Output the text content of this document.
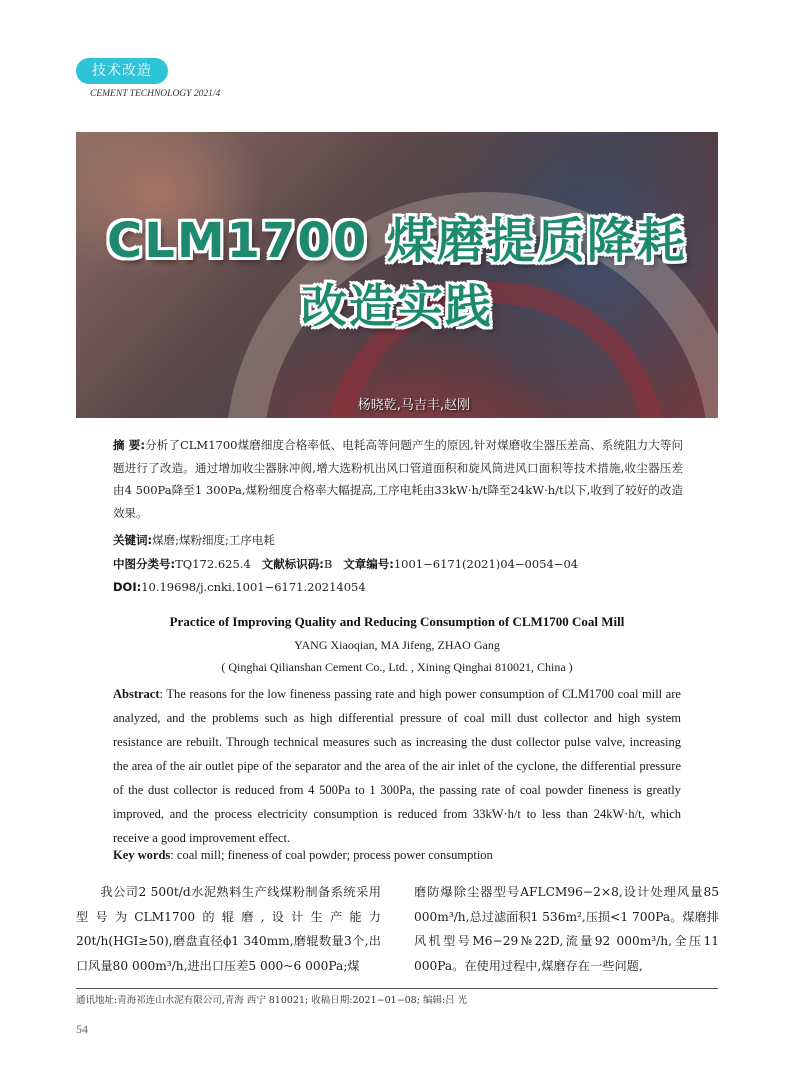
技术改造
CEMENT TECHNOLOGY 2021/4
CLM1700 煤磨提质降耗
改造实践
杨晓乾,马吉丰,赵刚
摘 要:分析了CLM1700煤磨细度合格率低、电耗高等问题产生的原因,针对煤磨收尘器压差高、系统阻力大等问题进行了改造。通过增加收尘器脉冲阀,增大选粉机出风口管道面积和旋风筒进风口面积等技术措施,收尘器压差由4 500Pa降至1 300Pa,煤粉细度合格率大幅提高,工序电耗由33kW·h/t降至24kW·h/t以下,收到了较好的改造效果。
关键词:煤磨;煤粉细度;工序电耗
中图分类号:TQ172.625.4 文献标识码:B 文章编号:1001−6171(2021)04−0054−04
DOI:10.19698/j.cnki.1001−6171.20214054
Practice of Improving Quality and Reducing Consumption of CLM1700 Coal Mill
YANG Xiaoqian, MA Jifeng, ZHAO Gang
( Qinghai Qilianshan Cement Co., Ltd. , Xining Qinghai 810021, China )
Abstract: The reasons for the low fineness passing rate and high power consumption of CLM1700 coal mill are analyzed, and the problems such as high differential pressure of coal mill dust collector and high system resistance are rebuilt. Through technical measures such as increasing the dust collector pulse valve, increasing the area of the air outlet pipe of the separator and the area of the air inlet of the cyclone, the differential pressure of the dust collector is reduced from 4 500Pa to 1 300Pa, the passing rate of coal powder fineness is greatly improved, and the process electricity consumption is reduced from 33kW·h/t to less than 24kW·h/t, which receive a good improvement effect.
Key words: coal mill; fineness of coal powder; process power consumption
我公司2 500t/d水泥熟料生产线煤粉制备系统采用型号为CLM1700的辊磨,设计生产能力20t/h(HGI≥50),磨盘直径ϕ1 340mm,磨辊数量3个,出口风量80 000m³/h,进出口压差5 000~6 000Pa;煤
磨防爆除尘器型号AFLCM96−2×8,设计处理风量85 000m³/h,总过滤面积1 536m²,压损<1 700Pa。煤磨排风机型号M6−29№22D,流量92 000m³/h,全压11 000Pa。在使用过程中,煤磨存在一些问题,
通讯地址:青海祁连山水泥有限公司,青海 西宁 810021; 收稿日期:2021−01−08; 编辑:吕 光
54
